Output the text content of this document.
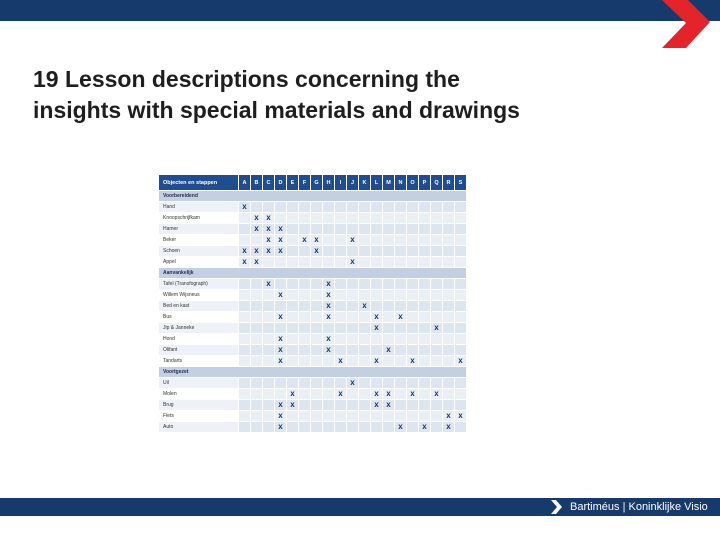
19 Lesson descriptions concerning the
insights with special materials and drawings
Objecten en stappen	A	B	C	D	E	F	G	H	I	J	K	L	M	N	O	P	Q	R	S
Voorbereidend																			
Hand	x																		
Knoopschrijfkam		x	x																
Hamer		x	x	x															
Beker			x	x		x	x			x									
Schoen	x	x	x	x			x												
Appel	x	x								x									
Aanvankelijk																			
Tafel (Transfograph)			x					x											
Willem Wijsneus				x				x											
Bed en kast								x			x								
Bus				x				x				x		x					
Jip & Janneke												x					x		
Hond				x				x											
Olifant				x				x					x						
Tandarts				x					x			x			x				x
Voortgezet																			
Uil										x									
Molen					x				x			x	x		x		x		
Brug				x	x							x	x						
Fiets				x														x	x
Auto				x										x		x		x	
Bartiméus | Koninklijke Visio
